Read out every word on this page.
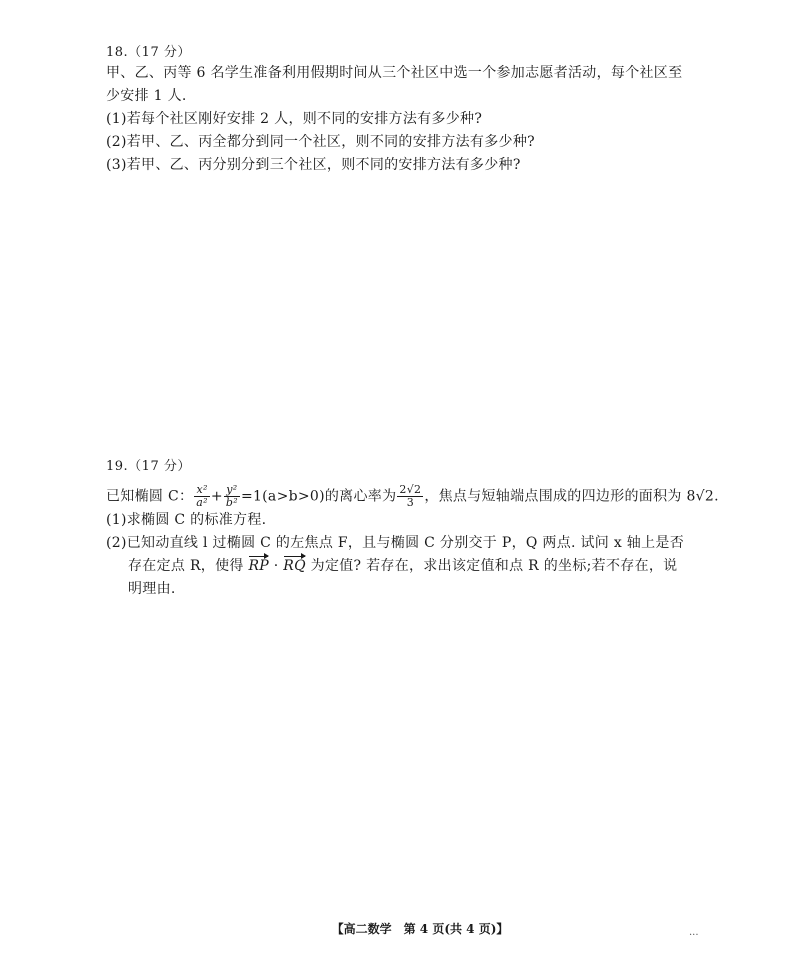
18.（17 分）
甲、乙、丙等 6 名学生准备利用假期时间从三个社区中选一个参加志愿者活动，每个社区至
少安排 1 人.
(1)若每个社区刚好安排 2 人，则不同的安排方法有多少种?
(2)若甲、乙、丙全都分到同一个社区，则不同的安排方法有多少种?
(3)若甲、乙、丙分别分到三个社区，则不同的安排方法有多少种?
19.（17 分）
已知椭圆 C： $\frac{\text{x²}}{\text{a²}} + \frac{\text{y²}}{\text{b²}} =1(a>b>0)$的离心率为 $\frac{2√2}{3}$ ，焦点与短轴端点围成的四边形的面积为 8√2.
(1)求椭圆 C 的标准方程.
(2)已知动直线 l 过椭圆 C 的左焦点 F，且与椭圆 C 分别交于 P，Q 两点. 试问 x 轴上是否
存在定点 R，使得 RP · RQ 为定值? 若存在，求出该定值和点 R 的坐标;若不存在，说
明理由.
【高二数学　第 4 页(共 4 页)】	...
